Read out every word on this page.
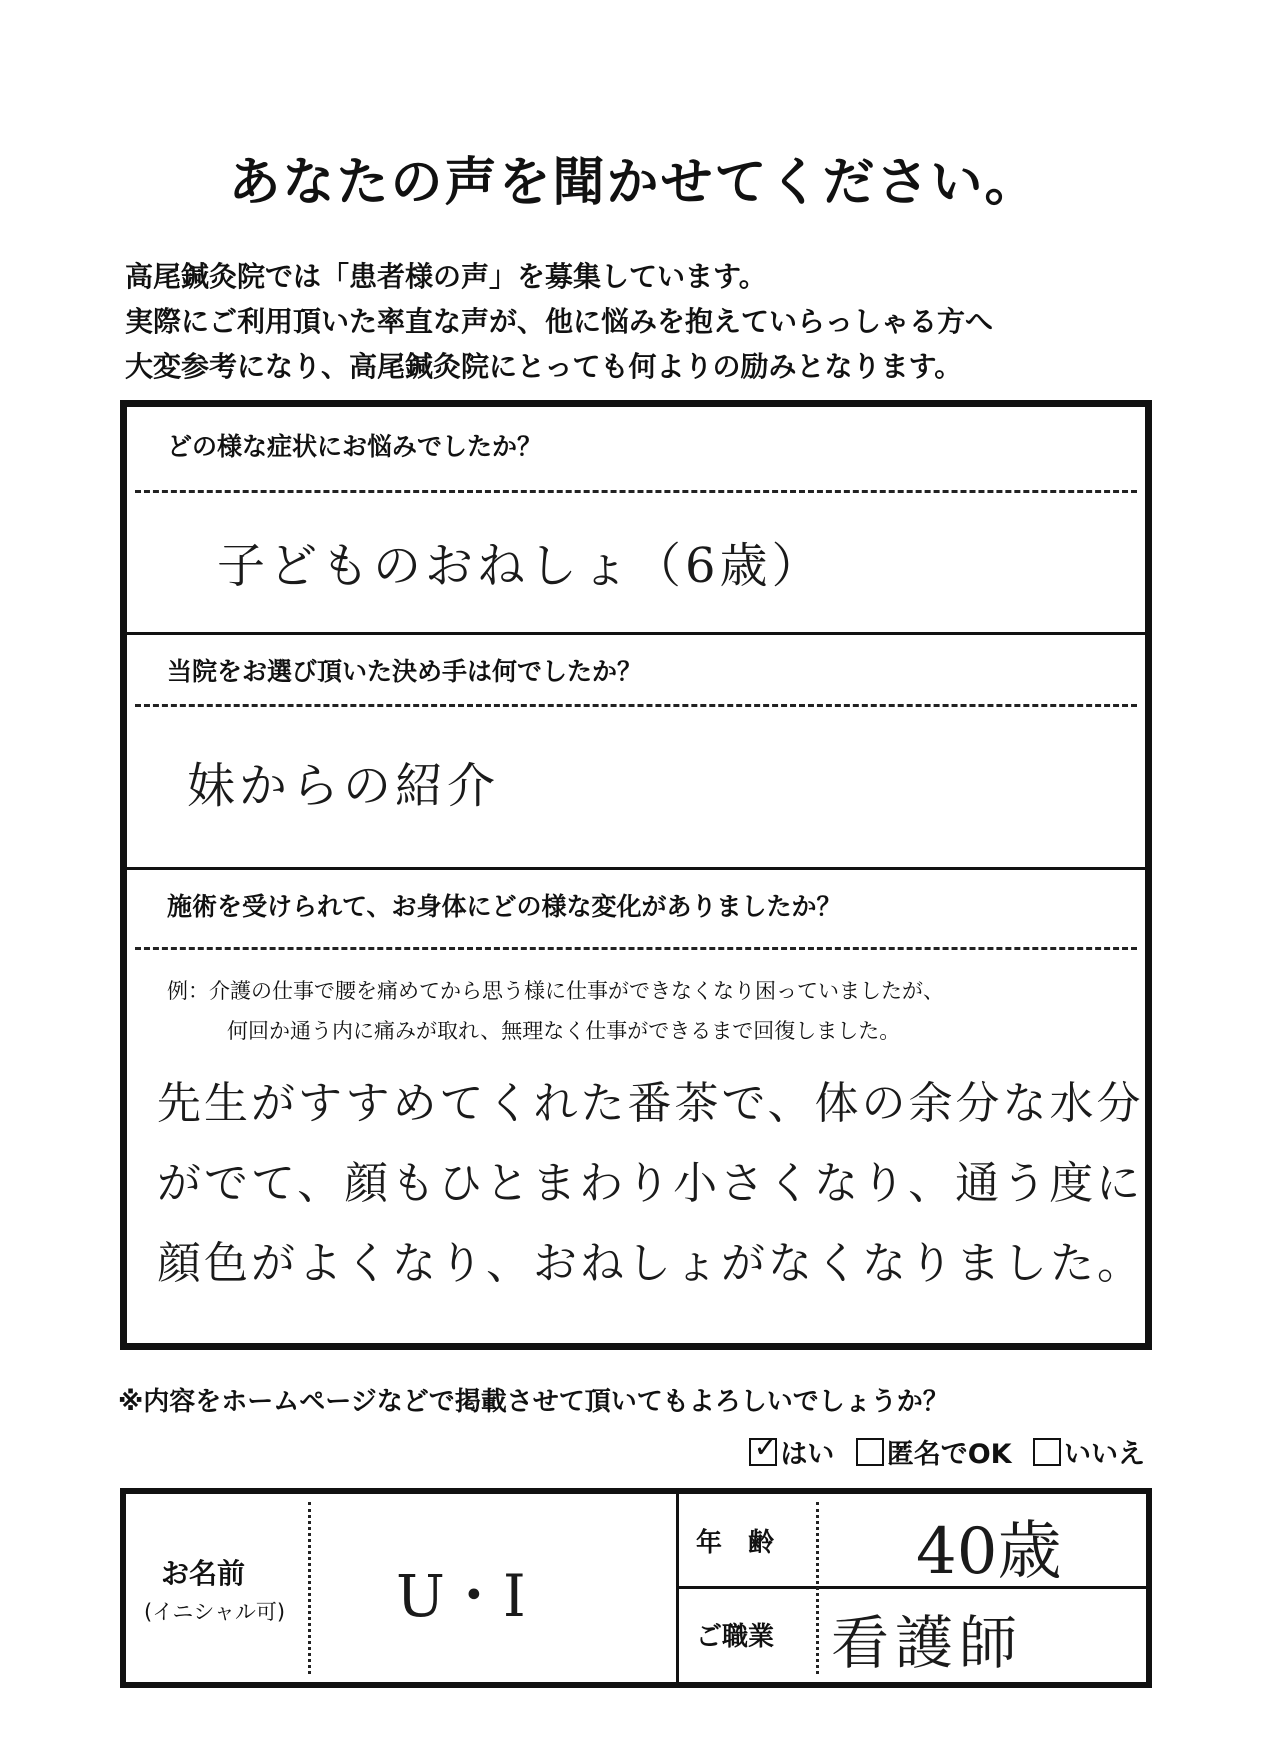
あなたの声を聞かせてください。
高尾鍼灸院では「患者様の声」を募集しています。
実際にご利用頂いた率直な声が、他に悩みを抱えていらっしゃる方へ
大変参考になり、高尾鍼灸院にとっても何よりの励みとなります。
どの様な症状にお悩みでしたか？
子どものおねしょ（6歳）
当院をお選び頂いた決め手は何でしたか？
妹からの紹介
施術を受けられて、お身体にどの様な変化がありましたか？
例：介護の仕事で腰を痛めてから思う様に仕事ができなくなり困っていましたが、
何回か通う内に痛みが取れ、無理なく仕事ができるまで回復しました。
先生がすすめてくれた番茶で、体の余分な水分
がでて、顔もひとまわり小さくなり、通う度に
顔色がよくなり、おねしょがなくなりました。
※内容をホームページなどで掲載させて頂いてもよろしいでしょうか？
✓ はい 匿名でOK いいえ
お名前
(イニシャル可) U・I
年　齢 40歳
ご職業 看護師
